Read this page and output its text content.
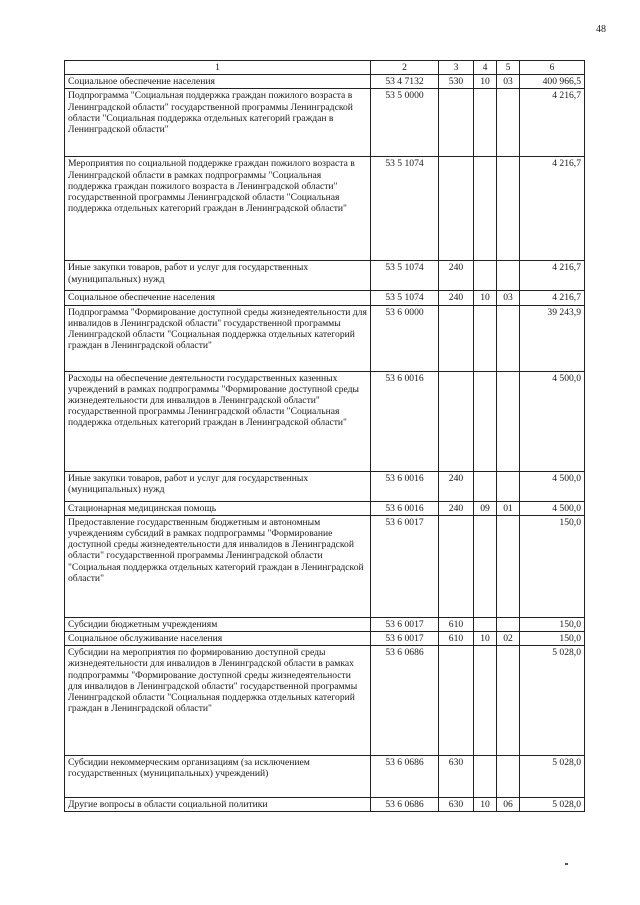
48
1	2	3	4	5	6
Социальное обеспечение населения	53 4 7132	530	10	03	400 966,5
Подпрограмма "Социальная поддержка граждан пожилого возраста в Ленинградской области" государственной программы Ленинградской области "Социальная поддержка отдельных категорий граждан в Ленинградской области"	53 5 0000				4 216,7
Мероприятия по социальной поддержке граждан пожилого возраста в Ленинградской области в рамках подпрограммы "Социальная поддержка граждан пожилого возраста в Ленинградской области" государственной программы Ленинградской области "Социальная поддержка отдельных категорий граждан в Ленинградской области"	53 5 1074				4 216,7
Иные закупки товаров, работ и услуг для государственных (муниципальных) нужд	53 5 1074	240			4 216,7
Социальное обеспечение населения	53 5 1074	240	10	03	4 216,7
Подпрограмма "Формирование доступной среды жизнедеятельности для инвалидов в Ленинградской области" государственной программы Ленинградской области "Социальная поддержка отдельных категорий граждан в Ленинградской области"	53 6 0000				39 243,9
Расходы на обеспечение деятельности государственных казенных учреждений в рамках подпрограммы "Формирование доступной среды жизнедеятельности для инвалидов в Ленинградской области" государственной программы Ленинградской области "Социальная поддержка отдельных категорий граждан в Ленинградской области"	53 6 0016				4 500,0
Иные закупки товаров, работ и услуг для государственных (муниципальных) нужд	53 6 0016	240			4 500,0
Стационарная медицинская помощь	53 6 0016	240	09	01	4 500,0
Предоставление государственным бюджетным и автономным учреждениям субсидий в рамках подпрограммы "Формирование доступной среды жизнедеятельности для инвалидов в Ленинградской области" государственной программы Ленинградской области "Социальная поддержка отдельных категорий граждан в Ленинградской области"	53 6 0017				150,0
Субсидии бюджетным учреждениям	53 6 0017	610			150,0
Социальное обслуживание населения	53 6 0017	610	10	02	150,0
Субсидии на мероприятия по формированию доступной среды жизнедеятельности для инвалидов в Ленинградской области в рамках подпрограммы "Формирование доступной среды жизнедеятельности для инвалидов в Ленинградской области" государственной программы Ленинградской области "Социальная поддержка отдельных категорий граждан в Ленинградской области"	53 6 0686				5 028,0
Субсидии некоммерческим организациям (за исключением государственных (муниципальных) учреждений)	53 6 0686	630			5 028,0
Другие вопросы в области социальной политики	53 6 0686	630	10	06	5 028,0
